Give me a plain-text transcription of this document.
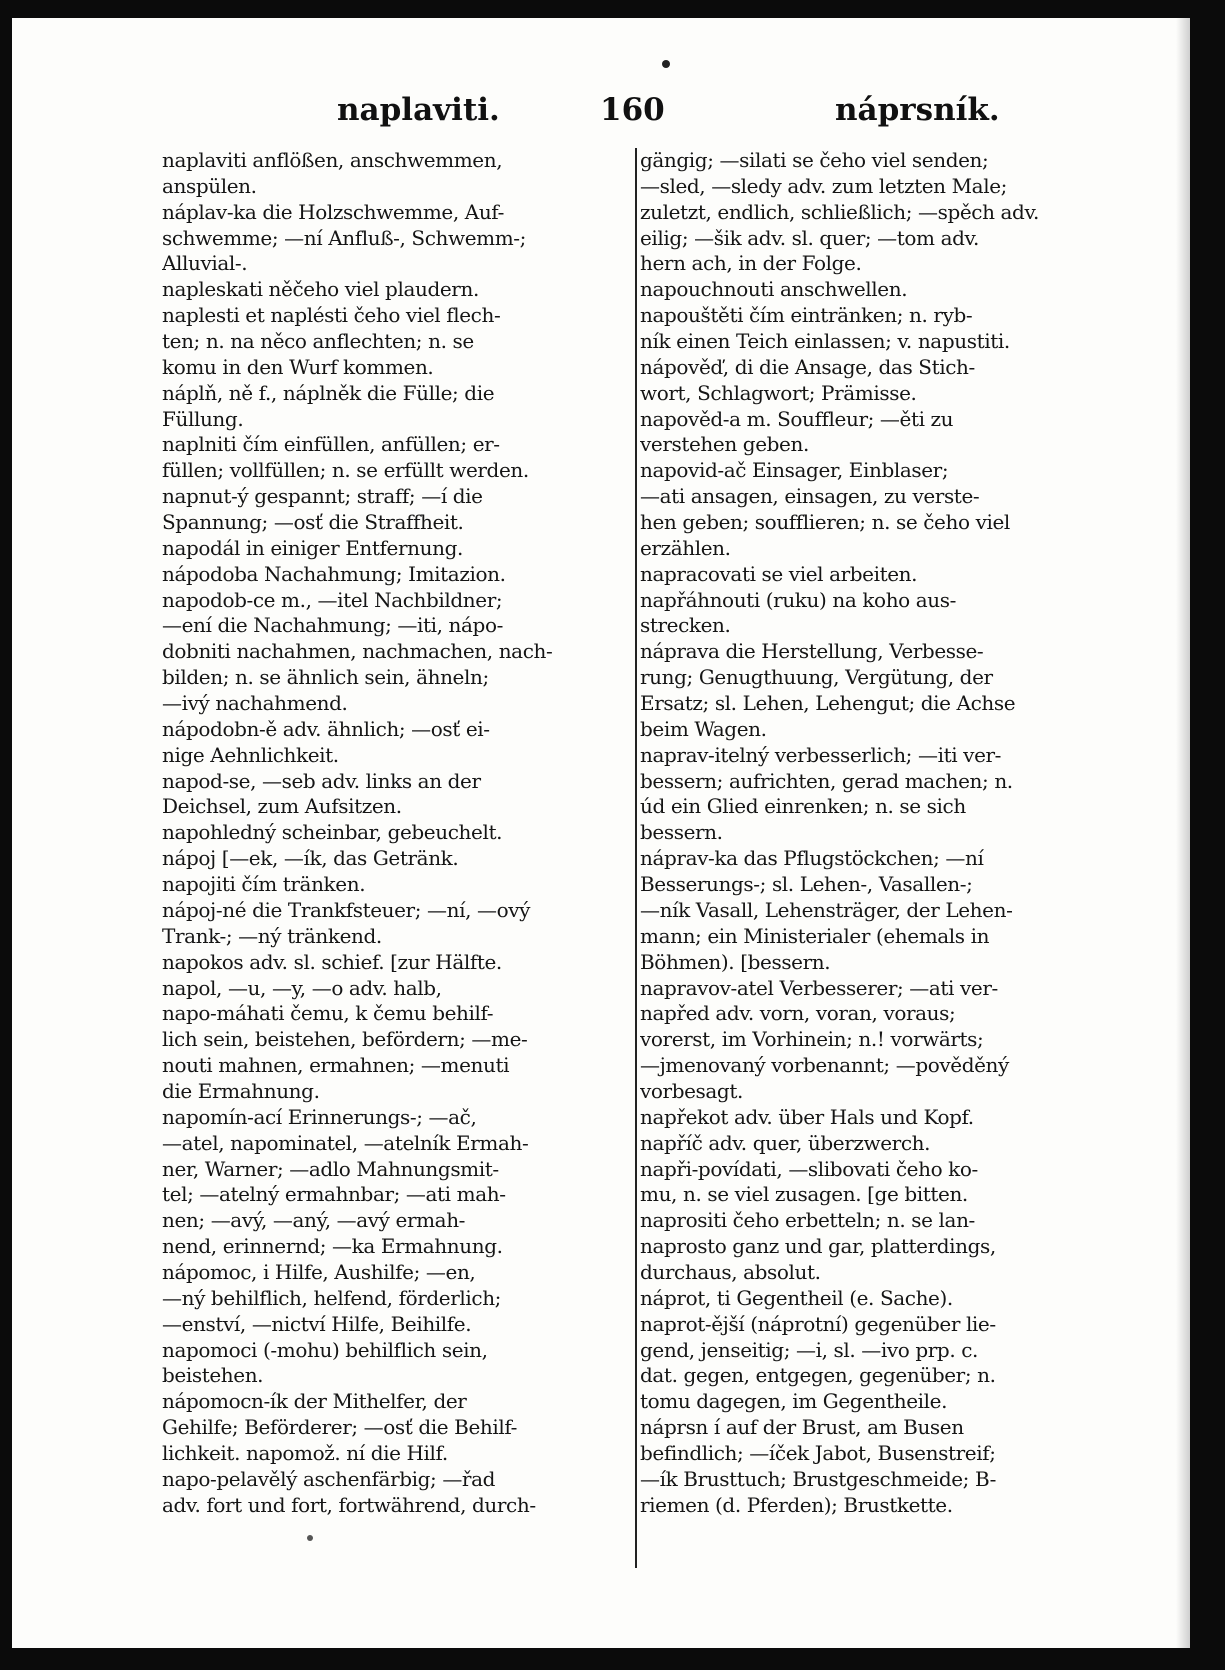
naplaviti.	160	náprsník.
naplaviti anflößen, anschwemmen,
anspülen.
náplav-ka die Holzschwemme, Auf-
schwemme; —ní Anfluß-, Schwemm-;
Alluvial-.
napleskati něčeho viel plaudern.
naplesti et naplésti čeho viel flech-
ten; n. na něco anflechten; n. se
komu in den Wurf kommen.
náplň, ně f., náplněk die Fülle; die
Füllung.
naplniti čím einfüllen, anfüllen; er-
füllen; vollfüllen; n. se erfüllt werden.
napnut-ý gespannt; straff; —í die
Spannung; —osť die Straffheit.
napodál in einiger Entfernung.
nápodoba Nachahmung; Imitazion.
napodob-ce m., —itel Nachbildner;
—ení die Nachahmung; —iti, nápo-
dobniti nachahmen, nachmachen, nach-
bilden; n. se ähnlich sein, ähneln;
—ivý nachahmend.
nápodobn-ě adv. ähnlich; —osť ei-
nige Aehnlichkeit.
napod-se, —seb adv. links an der
Deichsel, zum Aufsitzen.
napohledný scheinbar, gebeuchelt.
nápoj [—ek, —ík, das Getränk.
napojiti čím tränken.
nápoj-né die Trankfsteuer; —ní, —ový
Trank-; —ný tränkend.
napokos adv. sl. schief. [zur Hälfte.
napol, —u, —y, —o adv. halb,
napo-máhati čemu, k čemu behilf-
lich sein, beistehen, befördern; —me-
nouti mahnen, ermahnen; —menuti
die Ermahnung.
napomín-ací Erinnerungs-; —ač,
—atel, napominatel, —atelník Ermah-
ner, Warner; —adlo Mahnungsmit-
tel; —atelný ermahnbar; —ati mah-
nen; —avý, —aný, —avý ermah-
nend, erinnernd; —ka Ermahnung.
nápomoc, i Hilfe, Aushilfe; —en,
—ný behilflich, helfend, förderlich;
—enství, —nictví Hilfe, Beihilfe.
napomoci (-mohu) behilflich sein,
beistehen.
nápomocn-ík der Mithelfer, der
Gehilfe; Beförderer; —osť die Behilf-
lichkeit. napomož. ní die Hilf.
napo-pelavělý aschenfärbig; —řad
adv. fort und fort, fortwährend, durch-
gängig; —silati se čeho viel senden;
—sled, —sledy adv. zum letzten Male;
zuletzt, endlich, schließlich; —spěch adv.
eilig; —šik adv. sl. quer; —tom adv.
hern ach, in der Folge.
napouchnouti anschwellen.
napouštěti čím eintränken; n. ryb-
ník einen Teich einlassen; v. napustiti.
nápověď, di die Ansage, das Stich-
wort, Schlagwort; Prämisse.
napověd-a m. Souffleur; —ěti zu
verstehen geben.
napovid-ač Einsager, Einblaser;
—ati ansagen, einsagen, zu verste-
hen geben; soufflieren; n. se čeho viel
erzählen.
napracovati se viel arbeiten.
napřáhnouti (ruku) na koho aus-
strecken.
náprava die Herstellung, Verbesse-
rung; Genugthuung, Vergütung, der
Ersatz; sl. Lehen, Lehengut; die Achse
beim Wagen.
naprav-itelný verbesserlich; —iti ver-
bessern; aufrichten, gerad machen; n.
úd ein Glied einrenken; n. se sich
bessern.
náprav-ka das Pflugstöckchen; —ní
Besserungs-; sl. Lehen-, Vasallen-;
—ník Vasall, Lehensträger, der Lehen-
mann; ein Ministerialer (ehemals in
Böhmen). [bessern.
napravov-atel Verbesserer; —ati ver-
napřed adv. vorn, voran, voraus;
vorerst, im Vorhinein; n.! vorwärts;
—jmenovaný vorbenannt; —pověděný
vorbesagt.
napřekot adv. über Hals und Kopf.
napříč adv. quer, überzwerch.
napři-povídati, —slibovati čeho ko-
mu, n. se viel zusagen. [ge bitten.
naprositi čeho erbetteln; n. se lan-
naprosto ganz und gar, platterdings,
durchaus, absolut.
náprot, ti Gegentheil (e. Sache).
naprot-ější (náprotní) gegenüber lie-
gend, jenseitig; —i, sl. —ivo prp. c.
dat. gegen, entgegen, gegenüber; n.
tomu dagegen, im Gegentheile.
náprsn í auf der Brust, am Busen
befindlich; —íček Jabot, Busenstreif;
—ík Brusttuch; Brustgeschmeide; B-
riemen (d. Pferden); Brustkette.
